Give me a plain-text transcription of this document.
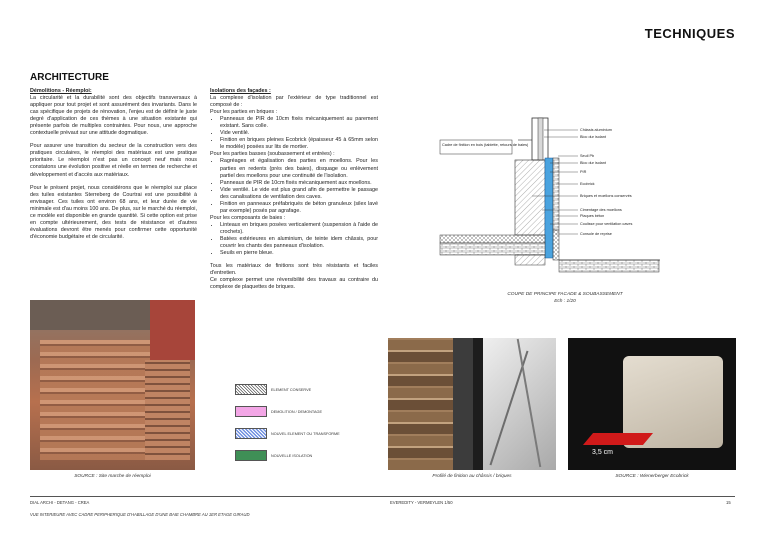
TECHNIQUES
ARCHITECTURE
Démolitions - Réemploi:

La circularité et la durabilité sont des objectifs transversaux à appliquer pour tout projet et sont assurément des invariants. Dans le cas spécifique de projets de rénovation, l'enjeu est de définir le juste degré d'application de ces thèmes à une situation existante qui présente parfois de multiples contraintes. Pour nous, une approche contextuelle prévaut sur une attitude dogmatique.

Pour assurer une transition du secteur de la construction vers des pratiques circulaires, le réemploi des matériaux est une pratique prioritaire. Le réemploi n'est pas un concept neuf mais nous constatons une évolution positive et réelle en termes de recherche et développement et d'accès aux matériaux.

Pour le présent projet, nous considérons que le réemploi sur place des tuiles existantes Sterreberg de Courtrai est une possibilité à envisager. Ces tuiles ont environ 68 ans, et leur durée de vie minimale est d'au moins 100 ans. De plus, sur le marché du réemploi, ce modèle est disponible en grande quantité. Si cette option est prise en compte ultérieurement, des tests de résistance et d'autres évaluations devront être menés pour confirmer cette opportunité d'économie budgétaire et de circularité.

Isolations des façades :
La complexe d'isolation par l'extérieur de type traditionnel est composé de :
Pour les parties en briques :
• Panneaux de PIR de 10cm fixés mécaniquement au parement existant. Sans colle.
• Vide ventilé.
• Finition en briques pleines Ecobrick (épaisseur 45 à 65mm selon le modèle) posées sur lits de mortier.
Pour les parties basses (soubassement et entrées) :
• Ragréages et égalisation des parties en moellons. Pour les parties en redents (près des baies), disquage ou enlèvement partiel des moellons pour une continuité de l'isolation.
• Panneaux de PIR de 10cm fixés mécaniquement aux moellons.
• Vide ventilé. Le vide est plus grand afin de permettre le passage des canalisations de ventilation des caves.
• Finition en panneaux préfabriqués de béton granuleux (silex lavé par exemple) posés par agrafage.
Pour les composants de baies :
• Linteaux en briques posées verticalement (suspension à l'aide de crochets).
• Batées extérieures en aluminium, de teinte idem châssis, pour couvrir les chants des panneaux d'isolation.
• Seuils en pierre bleue.
Tous les matériaux de finitions sont très résistants et faciles d'entretien.
Ce complexe permet une réversibilité des travaux au contraire du complexe de plaquettes de briques.
Cadre de finition en bois (tablette, retours de baies)
Châssis aluminium
Bloc dur isolant
Seuil Pb
Bloc dur isolant
PIR
Ecobrick
Briques et moellons conservés
Cimentage des moellons
Plaques béton
Coulisse pour ventilation caves
Console de reprise
COUPE DE PRINCIPE FACADE & SOUBASSEMENT
Ech : 1/20
SOURCE : Site marche de réemploi
ELEMENT CONSERVE
DEMOLITION / DEMONTAGE
NOUVEL ELEMENT OU TRANSFORME
NOUVELLE ISOLATION
Profilé de finition au châssis / briques
3,5 cm
SOURCE : Wienerberger Ecobrick
DIAL ARCHI - DETANG - CREA	EVEREDITY - VERMEYLEN 1/50	15
VUE INTERIEURE AVEC CADRE PERIPHERIQUE D'HABILLAGE D'UNE BAIE CHAMBRE AU 1ER ETAGE GIRAUD
